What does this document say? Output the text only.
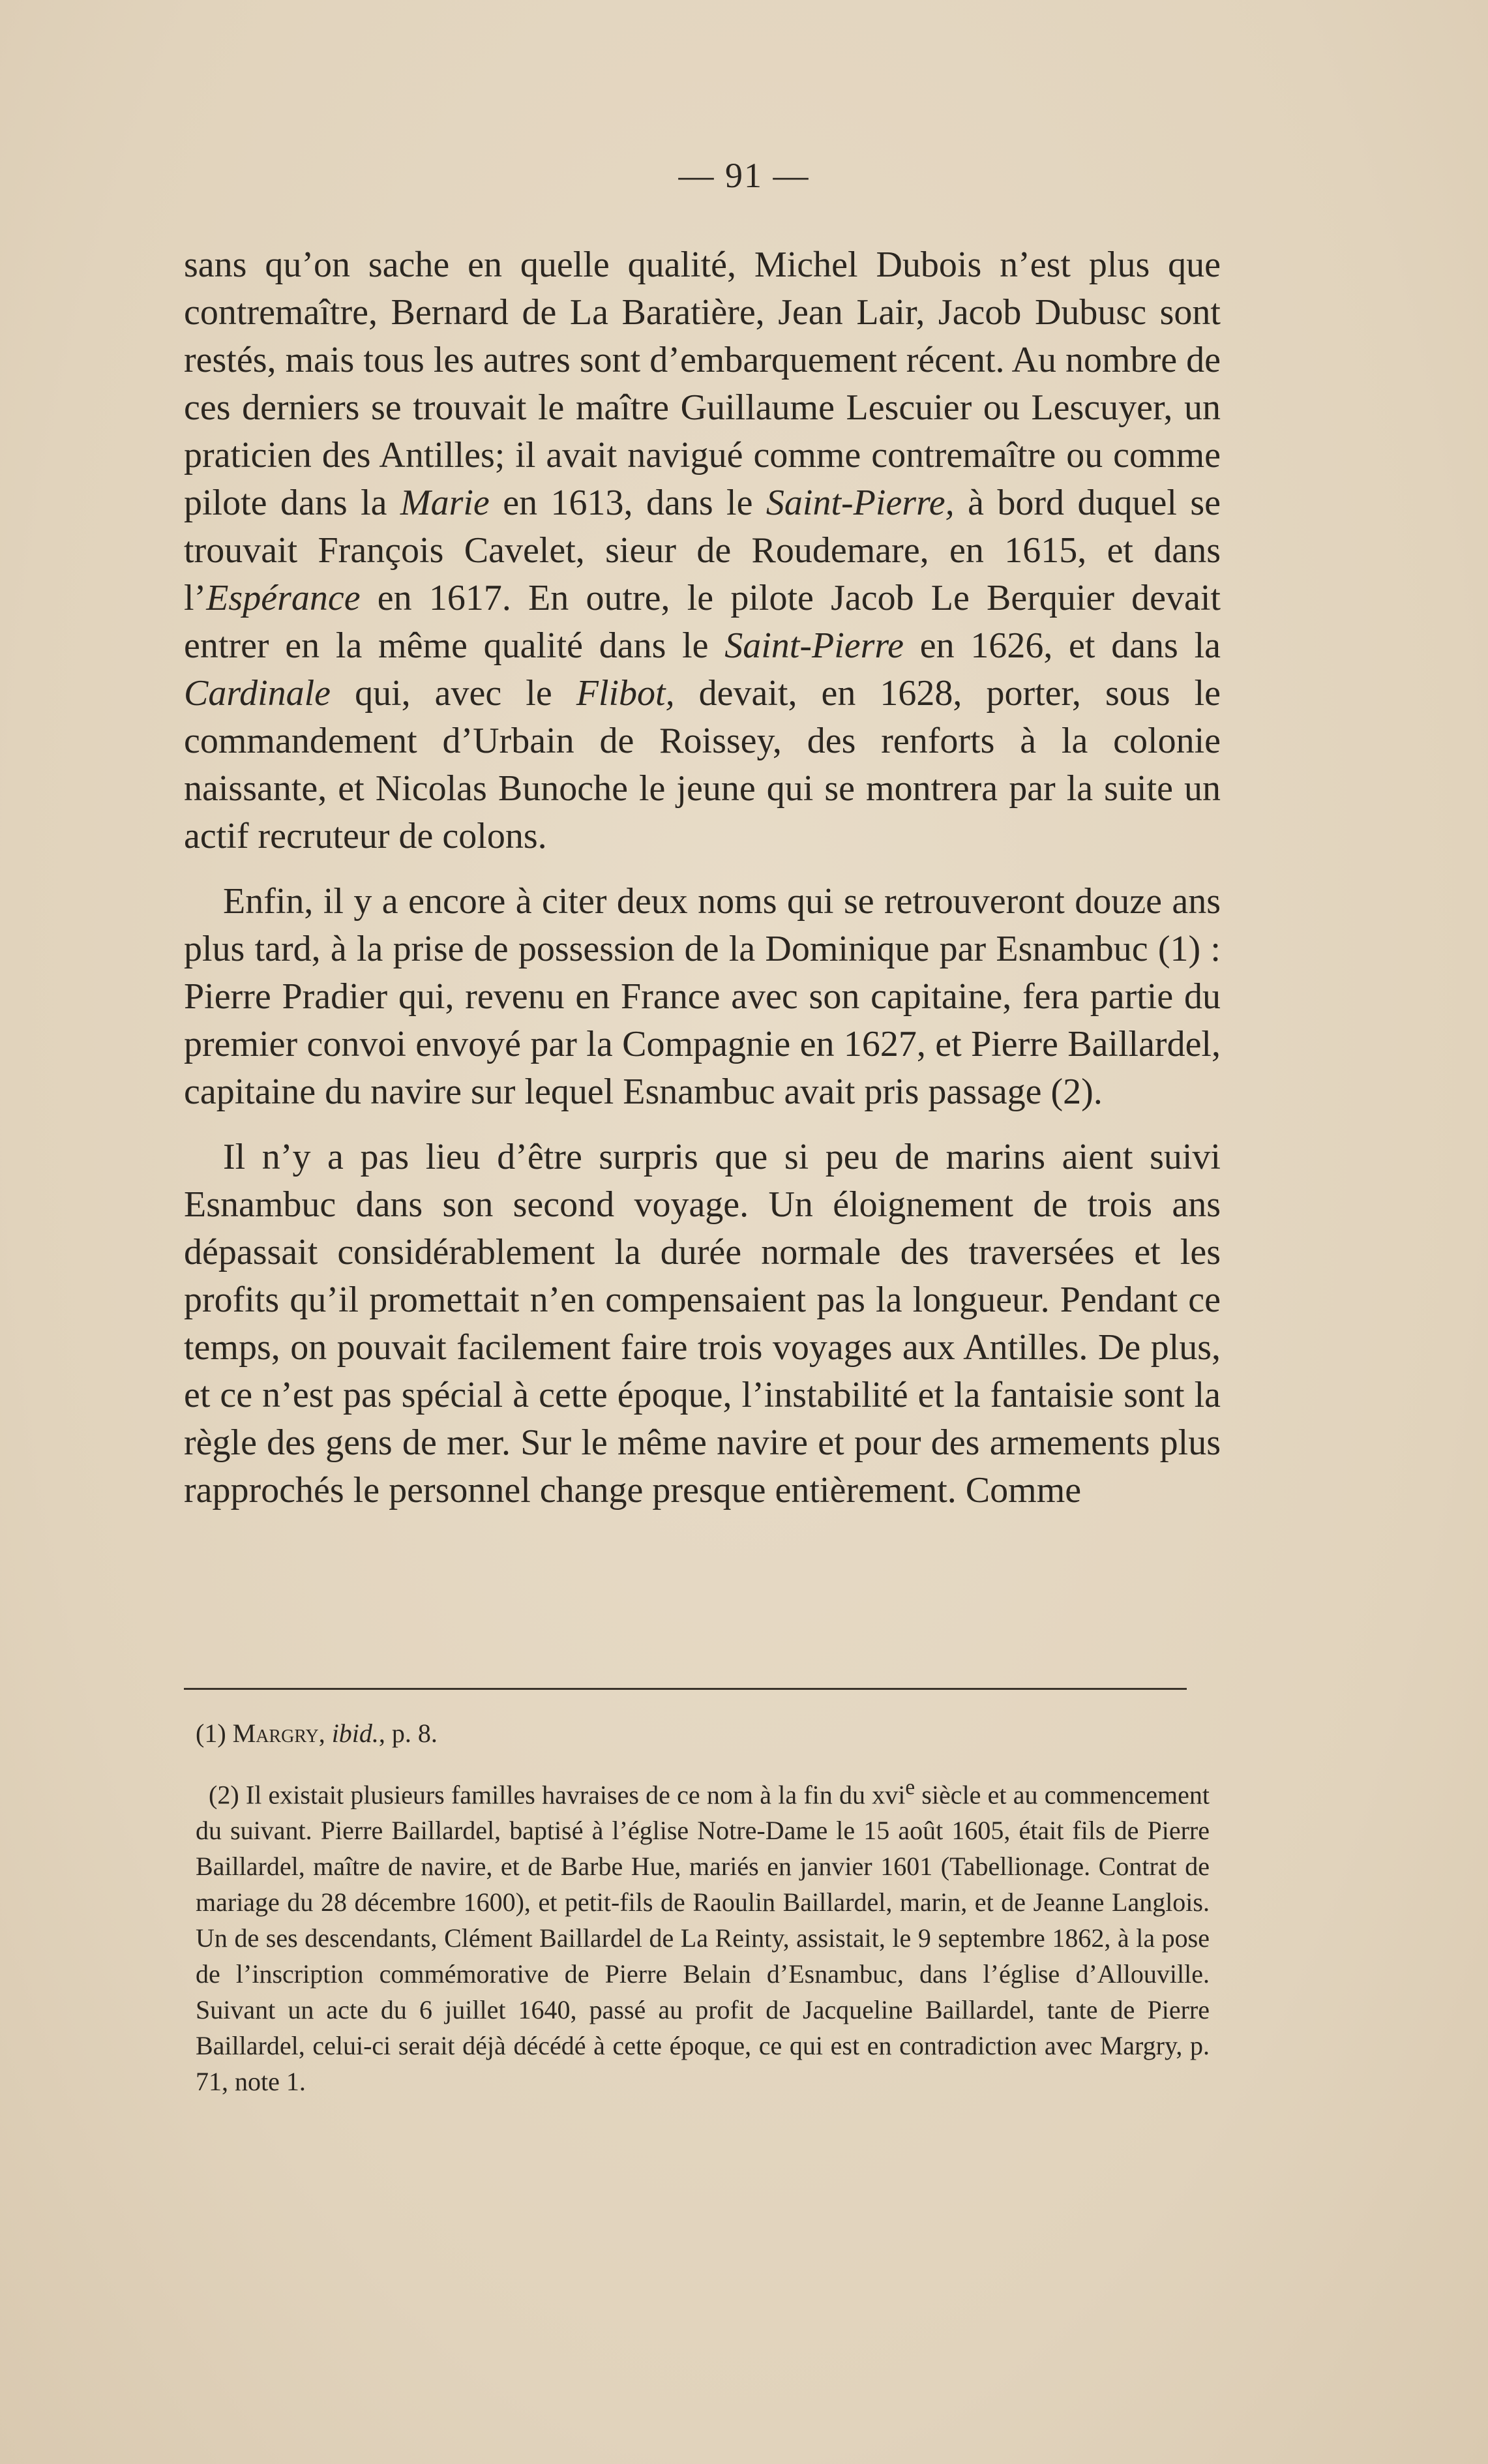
— 91 —

sans qu’on sache en quelle qualité, Michel Dubois n’est plus que contremaître, Bernard de La Baratière, Jean Lair, Jacob Dubusc sont restés, mais tous les autres sont d’embarquement récent. Au nombre de ces derniers se trouvait le maître Guillaume Lescuier ou Lescuyer, un praticien des Antilles; il avait navigué comme contremaître ou comme pilote dans la Marie en 1613, dans le Saint-Pierre, à bord duquel se trouvait François Cavelet, sieur de Roudemare, en 1615, et dans l’Espérance en 1617. En outre, le pilote Jacob Le Berquier devait entrer en la même qualité dans le Saint-Pierre en 1626, et dans la Cardinale qui, avec le Flibot, devait, en 1628, porter, sous le commandement d’Urbain de Roissey, des renforts à la colonie naissante, et Nicolas Bunoche le jeune qui se montrera par la suite un actif recruteur de colons.

Enfin, il y a encore à citer deux noms qui se retrouveront douze ans plus tard, à la prise de possession de la Dominique par Esnambuc (1) : Pierre Pradier qui, revenu en France avec son capitaine, fera partie du premier convoi envoyé par la Compagnie en 1627, et Pierre Baillardel, capitaine du navire sur lequel Esnambuc avait pris passage (2).

Il n’y a pas lieu d’être surpris que si peu de marins aient suivi Esnambuc dans son second voyage. Un éloignement de trois ans dépassait considérablement la durée normale des traversées et les profits qu’il promettait n’en compensaient pas la longueur. Pendant ce temps, on pouvait facilement faire trois voyages aux Antilles. De plus, et ce n’est pas spécial à cette époque, l’instabilité et la fantaisie sont la règle des gens de mer. Sur le même navire et pour des armements plus rapprochés le personnel change presque entièrement. Comme

(1) Margry, ibid., p. 8.

(2) Il existait plusieurs familles havraises de ce nom à la fin du xvi$^e$ siècle et au commencement du suivant. Pierre Baillardel, baptisé à l’église Notre-Dame le 15 août 1605, était fils de Pierre Baillardel, maître de navire, et de Barbe Hue, mariés en janvier 1601 (Tabellionage. Contrat de mariage du 28 décembre 1600), et petit-fils de Raoulin Baillardel, marin, et de Jeanne Langlois. Un de ses descendants, Clément Baillardel de La Reinty, assistait, le 9 septembre 1862, à la pose de l’inscription commémorative de Pierre Belain d’Esnambuc, dans l’église d’Allouville. Suivant un acte du 6 juillet 1640, passé au profit de Jacqueline Baillardel, tante de Pierre Baillardel, celui-ci serait déjà décédé à cette époque, ce qui est en contradiction avec Margry, p. 71, note 1.
